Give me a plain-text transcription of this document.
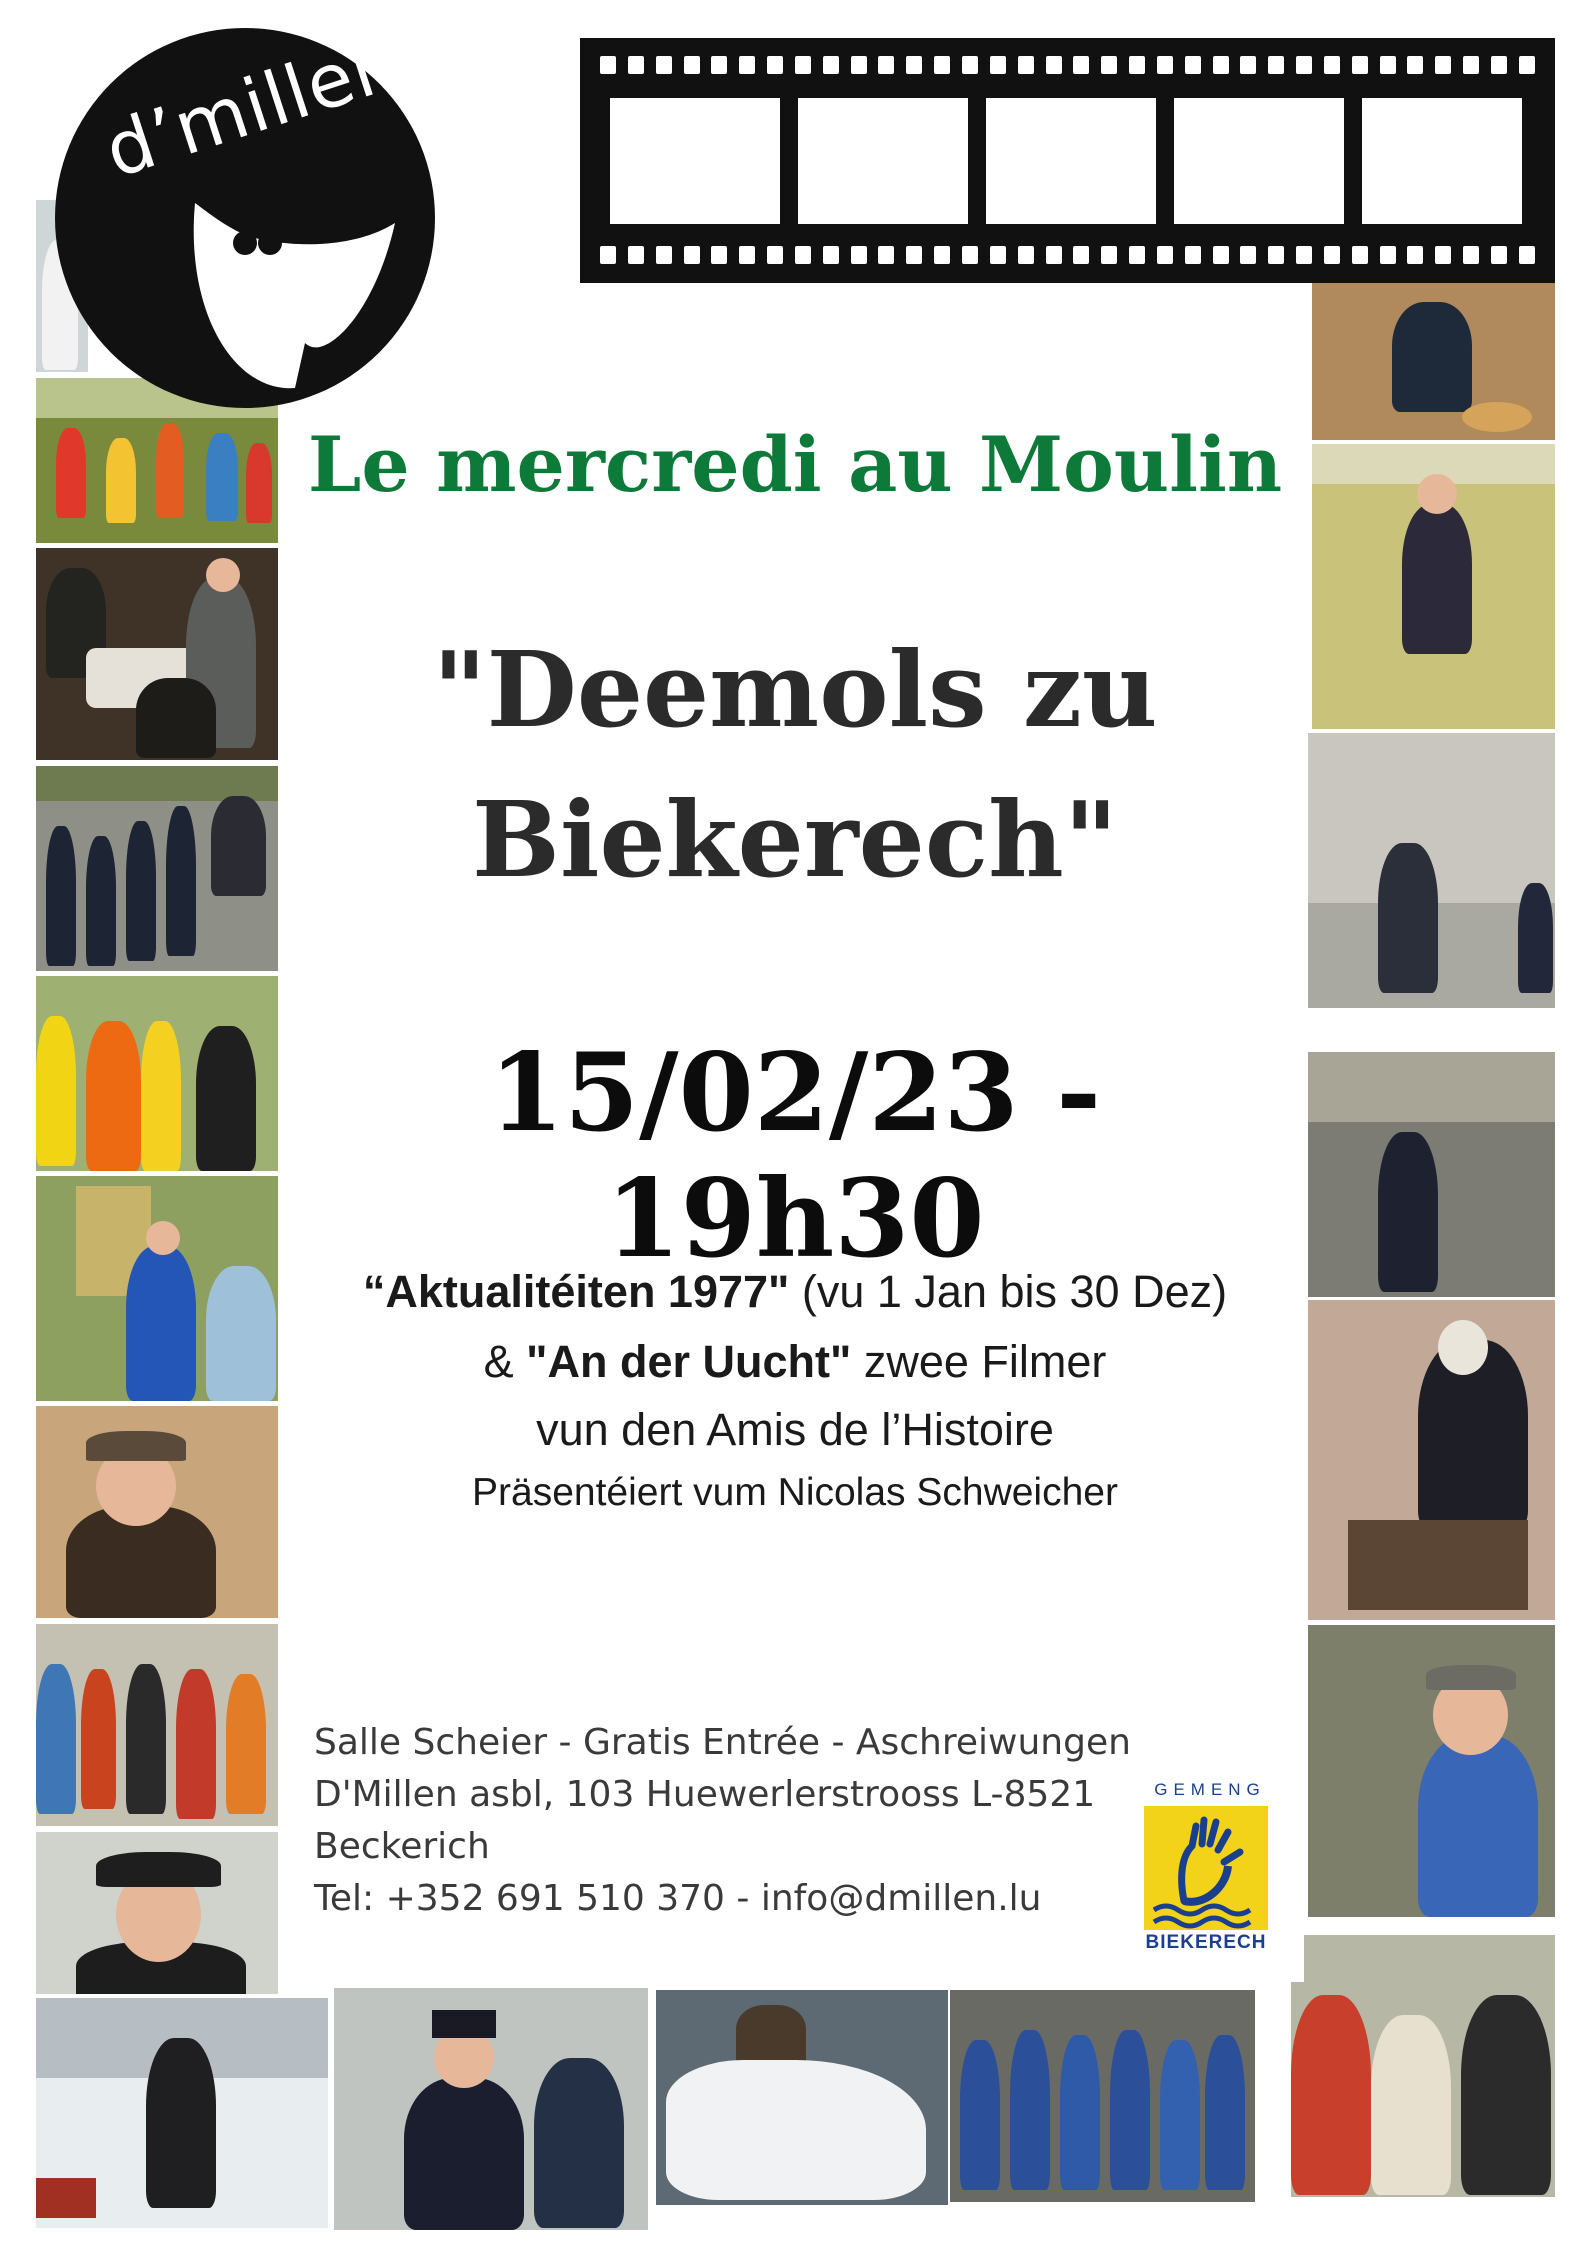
d’millen
Le mercredi au Moulin
"Deemols zu
Biekerech"
15/02/23 - 19h30
“Aktualitéiten 1977" (vu 1 Jan bis 30 Dez)
& "An der Uucht" zwee Filmer
vun den Amis de l’Histoire
Präsentéiert vum Nicolas Schweicher
Salle Scheier - Gratis Entrée - Aschreiwungen
D'Millen asbl, 103 Huewerlerstrooss L-8521
Beckerich
Tel: +352 691 510 370 - info@dmillen.lu
GEMENG
BIEKERECH
